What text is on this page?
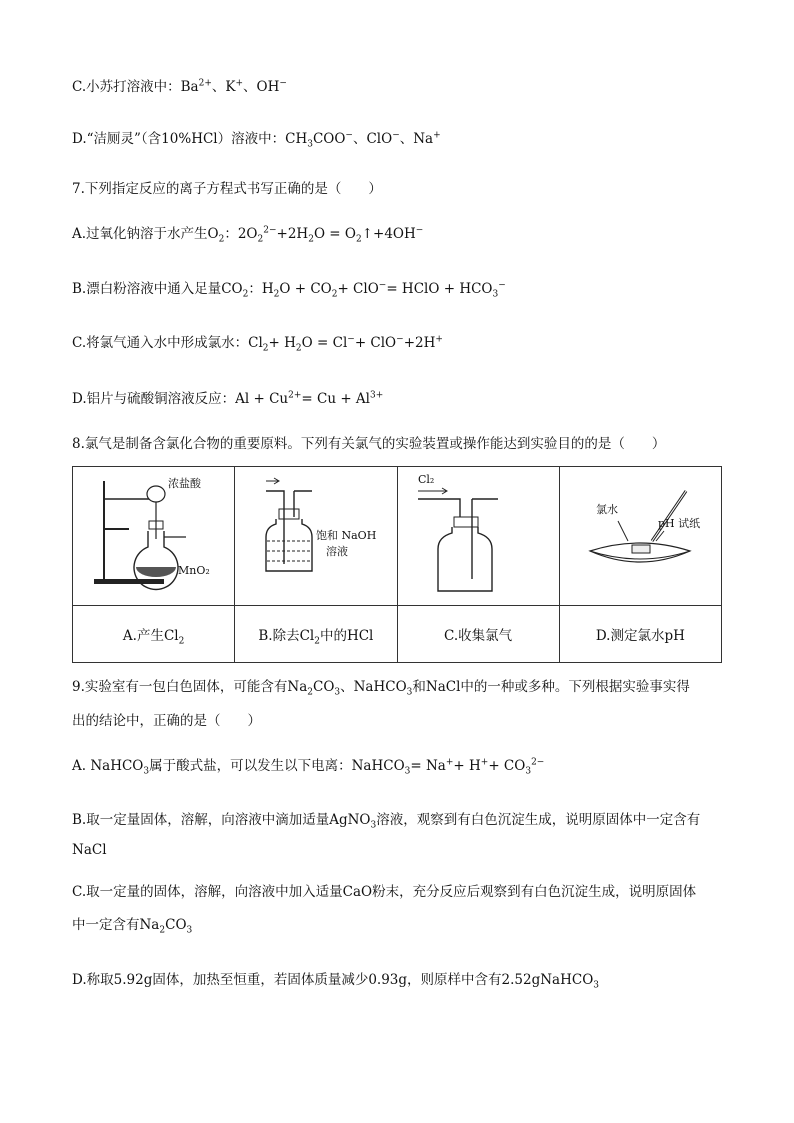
C.小苏打溶液中：$Ba^{2+}$、K+、OH−
D.“洁厕灵”（含10%HCl）溶液中：$CH_3COO^-$、ClO−、Na+
7.下列指定反应的离子方程式书写正确的是（　　）
A.过氧化钠溶于水产生$O_2$：$2O_2^{2-}+2H_2O$ = $O_2↑+4OH^-$
B.漂白粉溶液中通入足量$CO_2$：$H_2O + CO_2+ ClO^-=$ HClO + $HCO_3^-$
C.将氯气通入水中形成氯水：$Cl_2+ H_2O = Cl^-+ ClO^-+2H^+$
D.铝片与硫酸铜溶液反应：$Al + Cu^{2+}= Cu + Al^{3+}$
8.氯气是制备含氯化合物的重要原料。下列有关氯气的实验装置或操作能达到实验目的的是（　　）
浓盐酸
MnO₂	饱和 NaOH
溶液	Cl₂	氯水
pH 试纸

A.产生$Cl_2$	B.除去$Cl_2$中的HCl	C.收集氯气	D.测定氯水pH
9.实验室有一包白色固体，可能含有$Na_2CO_3$、NaHCO$_3$和NaCl中的一种或多种。下列根据实验事实得
出的结论中，正确的是（　　）
A. NaHCO$_3$属于酸式盐，可以发生以下电离：NaHCO$_3$= $Na^++ H^++ CO_3^{2-}$
B.取一定量固体，溶解，向溶液中滴加适量AgNO$_3$溶液，观察到有白色沉淀生成，说明原固体中一定含有
NaCl
C.取一定量的固体，溶解，向溶液中加入适量CaO粉末，充分反应后观察到有白色沉淀生成，说明原固体
中一定含有$Na_2CO_3$
D.称取5.92g固体，加热至恒重，若固体质量减少0.93g，则原样中含有2.52gNaHCO$_3$
